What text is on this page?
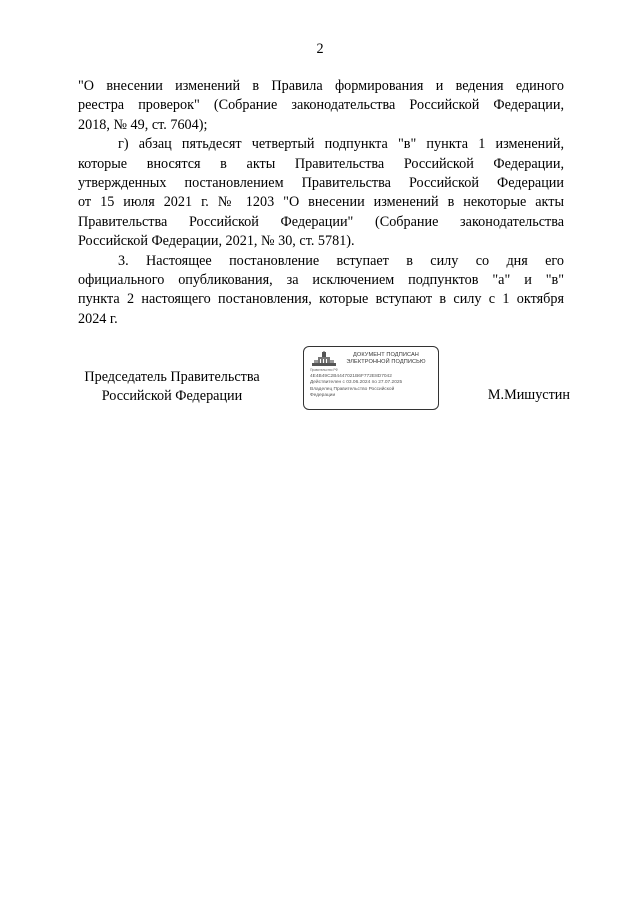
2
"О внесении изменений в Правила формирования и ведения единого
реестра проверок" (Собрание законодательства Российской Федерации,
2018, № 49, ст. 7604);
г) абзац пятьдесят четвертый подпункта "в" пункта 1 изменений,
которые вносятся в акты Правительства Российской Федерации,
утвержденных постановлением Правительства Российской Федерации
от 15 июля 2021 г. № 1203 "О внесении изменений в некоторые акты
Правительства Российской Федерации" (Собрание законодательства
Российской Федерации, 2021, № 30, ст. 5781).
3. Настоящее постановление вступает в силу со дня его
официального опубликования, за исключением подпунктов "а" и "в"
пункта 2 настоящего постановления, которые вступают в силу с 1 октября
2024 г.
Председатель Правительства
Российской Федерации
Правительство РФ
ДОКУМЕНТ ПОДПИСАН
ЭЛЕКТРОННОЙ ПОДПИСЬЮ
4E4B49C2B4447021B6F772E8D7042
Действителен с 03.06.2024 по 27.07.2025
Владелец Правительство Российской
Федерации	М.Мишустин
